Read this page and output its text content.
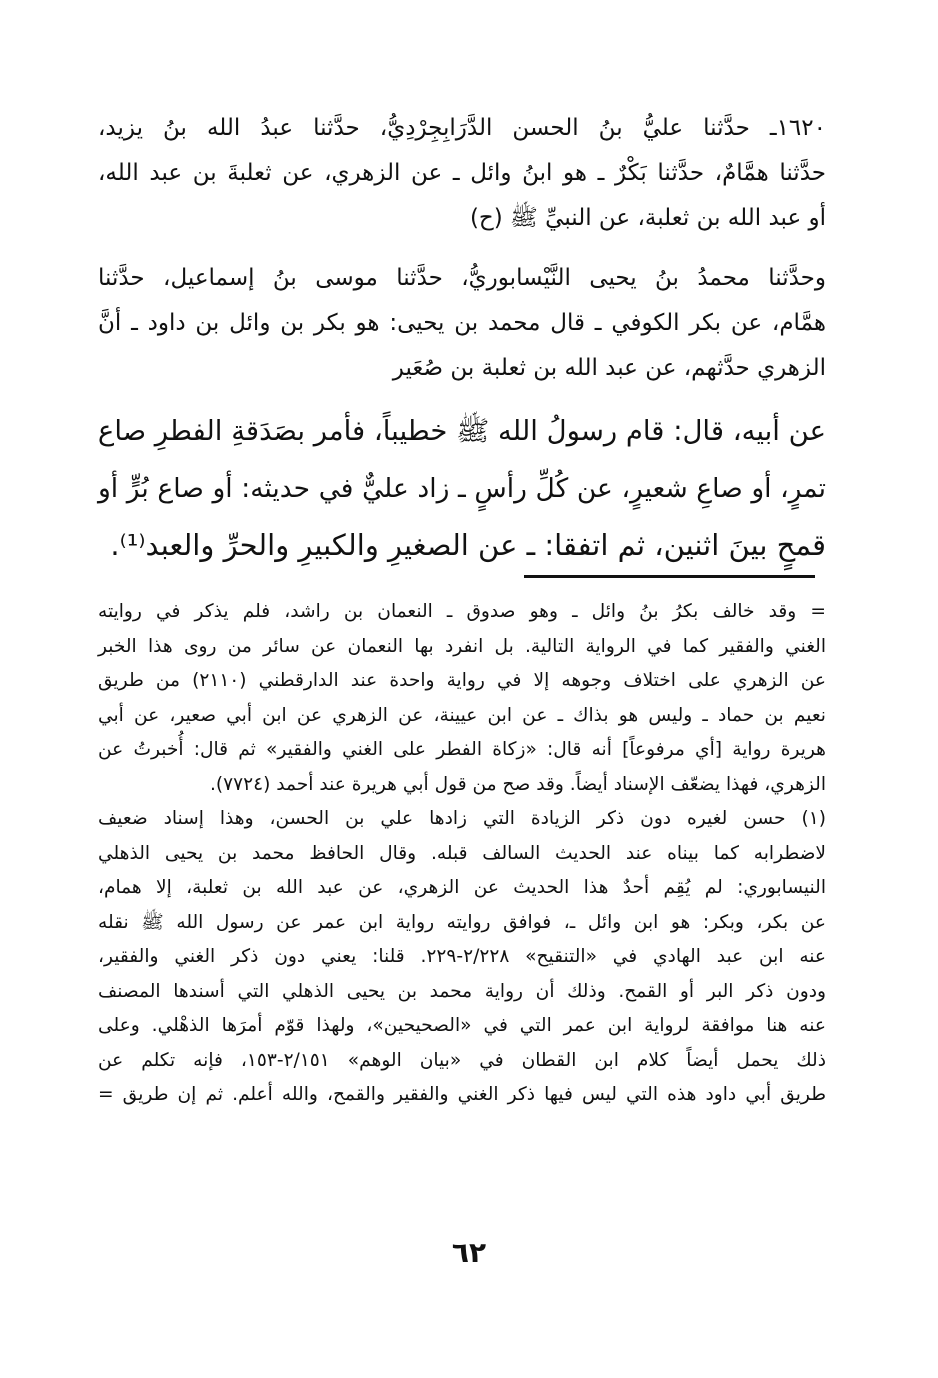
١٦٢٠ـ حدَّثنا عليُّ بنُ الحسن الدَّرَابِجِرْدِيُّ، حدَّثنا عبدُ الله بنُ يزيد،
حدَّثنا همَّامٌ، حدَّثنا بَكْرٌ ـ هو ابنُ وائل ـ عن الزهري، عن ثعلبةَ بن عبد الله،
أو عبد الله بن ثعلبة، عن النبيِّ ﷺ (ح)
وحدَّثنا محمدُ بنُ يحيى النَّيْسابوريُّ، حدَّثنا موسى بنُ إسماعيل، حدَّثنا
همَّام، عن بكر الكوفي ـ قال محمد بن يحيى: هو بكر بن وائل بن داود ـ أنَّ
الزهري حدَّثهم، عن عبد الله بن ثعلبة بن صُعَير
عن أبيه، قال: قام رسولُ الله ﷺ خطيباً، فأمر بصَدَقةِ الفطرِ صاع
تمرٍ، أو صاعِ شعيرٍ، عن كُلِّ رأسٍ ـ زاد عليٌّ في حديثه: أو صاع بُرٍّ أو
قمحٍ بينَ اثنين، ثم اتفقا: ـ عن الصغيرِ والكبيرِ والحرِّ والعبد⁽¹⁾.
= وقد خالف بكرُ بنُ وائل ـ وهو صدوق ـ النعمان بن راشد، فلم يذكر في روايته
الغني والفقير كما في الرواية التالية. بل انفرد بها النعمان عن سائر من روى هذا الخبر
عن الزهري على اختلاف وجوهه إلا في رواية واحدة عند الدارقطني (٢١١٠) من طريق
نعيم بن حماد ـ وليس هو بذاك ـ عن ابن عيينة، عن الزهري عن ابن أبي صعير، عن أبي
هريرة رواية [أي مرفوعاً] أنه قال: «زكاة الفطر على الغني والفقير» ثم قال: أُخبرتُ عن
الزهري، فهذا يضعّف الإسناد أيضاً. وقد صح من قول أبي هريرة عند أحمد (٧٧٢٤).
(١) حسن لغيره دون ذكر الزيادة التي زادها علي بن الحسن، وهذا إسناد ضعيف
لاضطرابه كما بيناه عند الحديث السالف قبله. وقال الحافظ محمد بن يحيى الذهلي
النيسابوري: لم يُقِم أحدٌ هذا الحديث عن الزهري، عن عبد الله بن ثعلبة، إلا همام،
عن بكر، وبكر: هو ابن وائل ـ، فوافق روايته رواية ابن عمر عن رسول الله ﷺ نقله
عنه ابن عبد الهادي في «التنقيح» ٢/٢٢٨-٢٢٩. قلنا: يعني دون ذكر الغني والفقير،
ودون ذكر البر أو القمح. وذلك أن رواية محمد بن يحيى الذهلي التي أسندها المصنف
عنه هنا موافقة لرواية ابن عمر التي في «الصحيحين»، ولهذا قوّم أمرَها الذهْلي. وعلى
ذلك يحمل أيضاً كلام ابن القطان في «بيان الوهم» ٢/١٥١-١٥٣، فإنه تكلم عن
طريق أبي داود هذه التي ليس فيها ذكر الغني والفقير والقمح، والله أعلم. ثم إن طريق =
٦٢
